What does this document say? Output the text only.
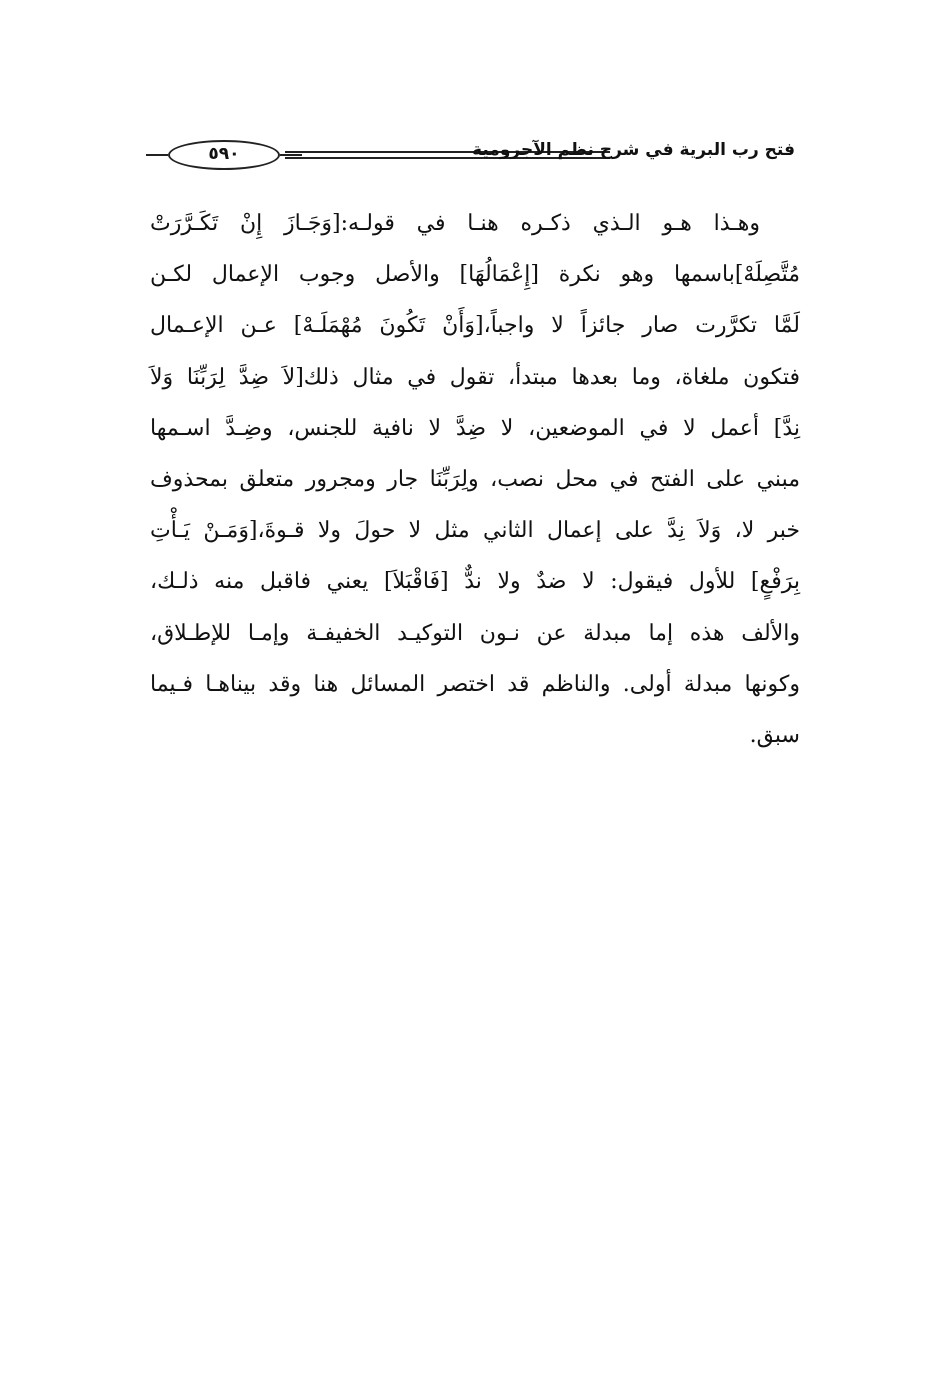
٥٩٠	فتح رب البرية في شرح نظم الآجرومية
وهـذا هـو الـذي ذكـره هنـا في قولـه:[وَجَـازَ إِنْ تَكَـرَّرَتْ
مُتَّصِلَهْ]باسمها وهو نكرة [إِعْمَالُهَا] والأصل وجوب الإعمال لكـن
لَمَّا تكرَّرت صار جائزاً لا واجباً،[وَأَنْ تَكُونَ مُهْمَلَـهْ] عـن الإعـمال
فتكون ملغاة، وما بعدها مبتدأ، تقول في مثال ذلك[لاَ ضِدَّ لِرَبِّنَا وَلاَ
نِدَّ] أعمل لا في الموضعين، لا ضِدَّ لا نافية للجنس، وضِـدَّ اسـمها
مبني على الفتح في محل نصب، ولِرَبِّنَا جار ومجرور متعلق بمحذوف
خبر لا، وَلاَ نِدَّ على إعمال الثاني مثل لا حولَ ولا قـوةَ،[وَمَـنْ يَـأْتِ
بِرَفْعٍ] للأول فيقول: لا ضدٌ ولا ندٌّ [فَاقْبَلاَ] يعني فاقبل منه ذلـك،
والألف هذه إما مبدلة عن نـون التوكيـد الخفيفـة وإمـا للإطـلاق،
وكونها مبدلة أولى. والناظم قد اختصر المسائل هنا وقد بيناهـا فـيما
سبق.
